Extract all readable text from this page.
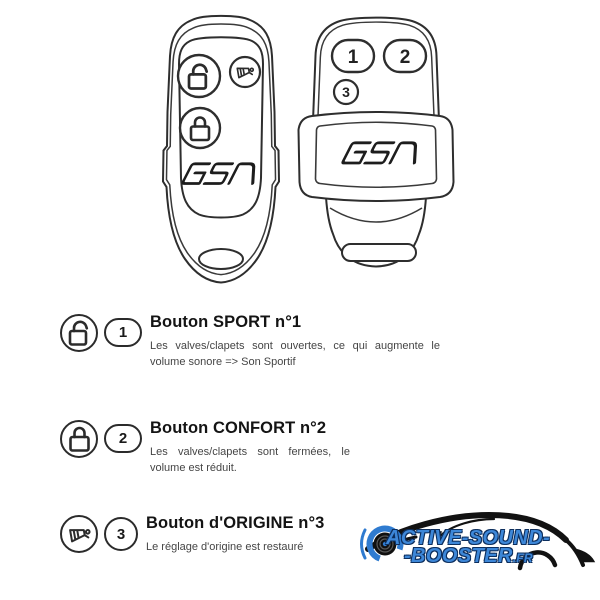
1 2
3
1
Bouton SPORT n°1

Les valves/clapets sont ouvertes, ce qui augmente le
volume sonore => Son Sportif

2
Bouton CONFORT n°2

Les valves/clapets sont fermées, le
volume est réduit.

3
Bouton d'ORIGINE n°3

Le réglage d'origine est restauré	ACTIVE-SOUND-
-BOOSTER.FR
